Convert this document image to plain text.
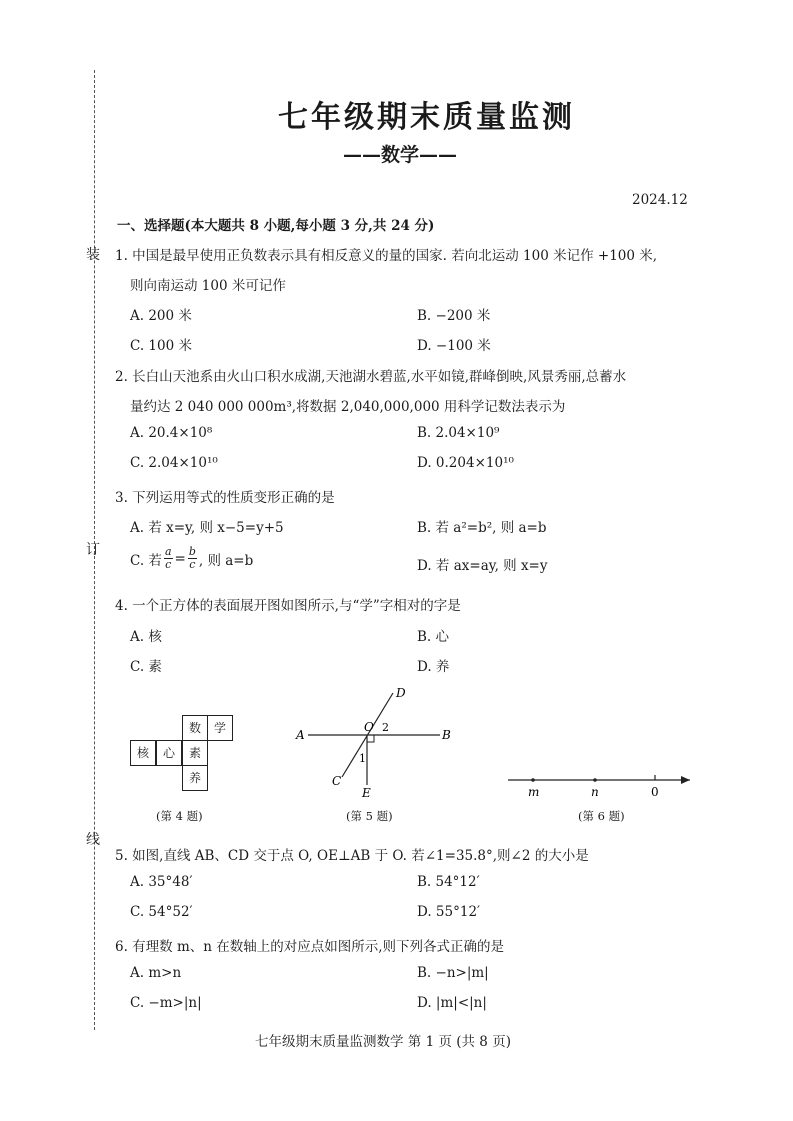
装
订
线
七年级期末质量监测
——数学——
2024.12
一、选择题(本大题共 8 小题,每小题 3 分,共 24 分)
1. 中国是最早使用正负数表示具有相反意义的量的国家. 若向北运动 100 米记作 +100 米,
则向南运动 100 米可记作
A. 200 米	B. −200 米
C. 100 米	D. −100 米
2. 长白山天池系由火山口积水成湖,天池湖水碧蓝,水平如镜,群峰倒映,风景秀丽,总蓄水
量约达 2 040 000 000m³,将数据 2,040,000,000 用科学记数法表示为
A. 20.4×10⁸	B. 2.04×10⁹
C. 2.04×10¹⁰	D. 0.204×10¹⁰
3. 下列运用等式的性质变形正确的是
A. 若 x=y, 则 x−5=y+5	B. 若 a²=b², 则 a=b
C. 若 $\frac{a}{c} = \frac{b}{c}$ , 则 a=b	D. 若 ax=ay, 则 x=y
4. 一个正方体的表面展开图如图所示,与“学”字相对的字是
A. 核	B. 心
C. 素	D. 养
数	学
核	心	素
养
(第 4 题)
A	B
C
D
E
O
1
2
(第 5 题)
m	n	0
(第 6 题)
5. 如图,直线 AB、CD 交于点 O, OE⊥AB 于 O. 若∠1=35.8°,则∠2 的大小是
A. 35°48′	B. 54°12′
C. 54°52′	D. 55°12′
6. 有理数 m、n 在数轴上的对应点如图所示,则下列各式正确的是
A. m>n	B. −n>|m|
C. −m>|n|	D. |m|<|n|
七年级期末质量监测数学 第 1 页 (共 8 页)
